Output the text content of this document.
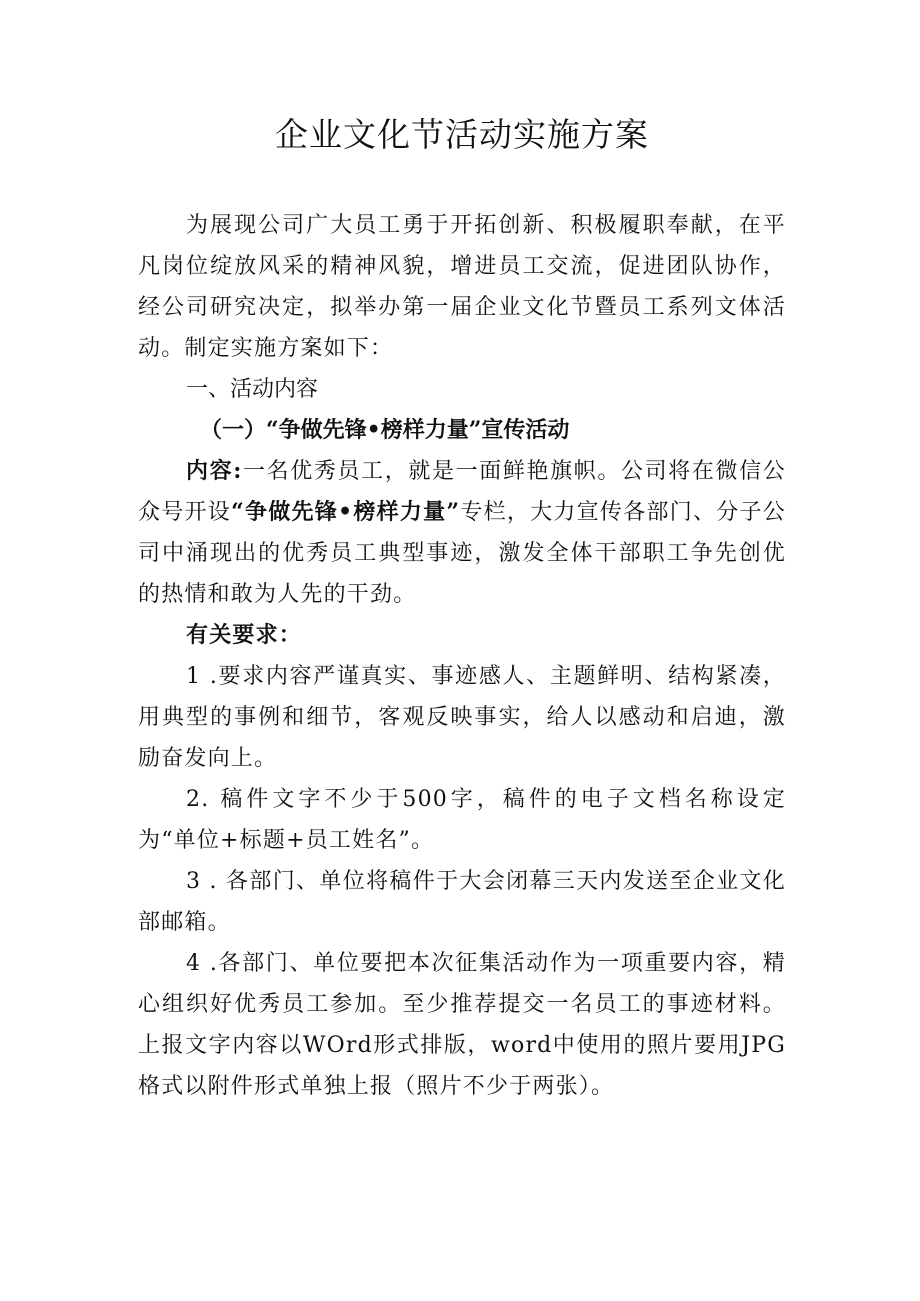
企业文化节活动实施方案

为展现公司广大员工勇于开拓创新、积极履职奉献，在平凡岗位绽放风采的精神风貌，增进员工交流，促进团队协作，经公司研究决定，拟举办第一届企业文化节暨员工系列文体活动。制定实施方案如下：

一、活动内容

（一）“争做先锋•榜样力量”宣传活动

内容:一名优秀员工，就是一面鲜艳旗帜。公司将在微信公众号开设“争做先锋•榜样力量”专栏，大力宣传各部门、分子公司中涌现出的优秀员工典型事迹，激发全体干部职工争先创优的热情和敢为人先的干劲。

有关要求：

1 .要求内容严谨真实、事迹感人、主题鲜明、结构紧凑，用典型的事例和细节，客观反映事实，给人以感动和启迪，激励奋发向上。

2. 稿件文字不少于500字，稿件的电子文档名称设定为“单位+标题+员工姓名”。

3 . 各部门、单位将稿件于大会闭幕三天内发送至企业文化部邮箱。

4 .各部门、单位要把本次征集活动作为一项重要内容，精心组织好优秀员工参加。至少推荐提交一名员工的事迹材料。上报文字内容以WOrd形式排版，word中使用的照片要用JPG格式以附件形式单独上报（照片不少于两张）。
